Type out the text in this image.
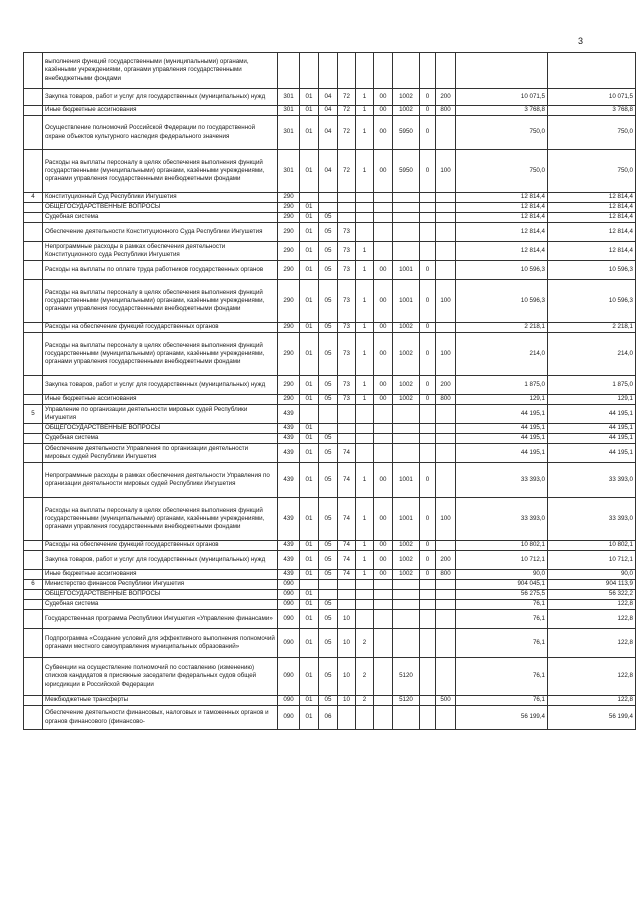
3
	выполнения функций государственными (муниципальными) органами, казёнными учреждениями, органами управления государственными внебюджетными фондами											
	Закупка товаров, работ и услуг для государственных (муниципальных) нужд	301	01	04	72	1	00	1002	0	200	10 071,5	10 071,5
	Иные бюджетные ассигнования	301	01	04	72	1	00	1002	0	800	3 768,8	3 768,8
	Осуществление полномочий Российской Федерации по государственной охране объектов культурного наследия федерального значения	301	01	04	72	1	00	5950	0		750,0	750,0
	Расходы на выплаты персоналу в целях обеспечения выполнения функций государственными (муниципальными) органами, казёнными учреждениями, органами управления государственными внебюджетными фондами	301	01	04	72	1	00	5950	0	100	750,0	750,0
4	Конституционный Суд Республики Ингушетия	290									12 814,4	12 814,4
	ОБЩЕГОСУДАРСТВЕННЫЕ ВОПРОСЫ	290	01								12 814,4	12 814,4
	Судебная система	290	01	05							12 814,4	12 814,4
	Обеспечение деятельности Конституционного Суда Республики Ингушетия	290	01	05	73						12 814,4	12 814,4
	Непрограммные расходы в рамках обеспечения деятельности Конституционного суда Республики Ингушетия	290	01	05	73	1					12 814,4	12 814,4
	Расходы на выплаты по оплате труда работников государственных органов	290	01	05	73	1	00	1001	0		10 596,3	10 596,3
	Расходы на выплаты персоналу в целях обеспечения выполнения функций государственными (муниципальными) органами, казёнными учреждениями, органами управления государственными внебюджетными фондами	290	01	05	73	1	00	1001	0	100	10 596,3	10 596,3
	Расходы на обеспечение функций государственных органов	290	01	05	73	1	00	1002	0		2 218,1	2 218,1
	Расходы на выплаты персоналу в целях обеспечения выполнения функций государственными (муниципальными) органами, казёнными учреждениями, органами управления государственными внебюджетными фондами	290	01	05	73	1	00	1002	0	100	214,0	214,0
	Закупка товаров, работ и услуг для государственных (муниципальных) нужд	290	01	05	73	1	00	1002	0	200	1 875,0	1 875,0
	Иные бюджетные ассигнования	290	01	05	73	1	00	1002	0	800	129,1	129,1
5	Управление по организации деятельности мировых судей Республики Ингушетия	439									44 195,1	44 195,1
	ОБЩЕГОСУДАРСТВЕННЫЕ ВОПРОСЫ	439	01								44 195,1	44 195,1
	Судебная система	439	01	05							44 195,1	44 195,1
	Обеспечение деятельности Управления по организации деятельности мировых судей Республики Ингушетия	439	01	05	74						44 195,1	44 195,1
	Непрограммные расходы в рамках обеспечения деятельности Управления по организации деятельности мировых судей Республики Ингушетия	439	01	05	74	1	00	1001	0		33 393,0	33 393,0
	Расходы на выплаты персоналу в целях обеспечения выполнения функций государственными (муниципальными) органами, казёнными учреждениями, органами управления государственными внебюджетными фондами	439	01	05	74	1	00	1001	0	100	33 393,0	33 393,0
	Расходы на обеспечение функций государственных органов	439	01	05	74	1	00	1002	0		10 802,1	10 802,1
	Закупка товаров, работ и услуг для государственных (муниципальных) нужд	439	01	05	74	1	00	1002	0	200	10 712,1	10 712,1
	Иные бюджетные ассигнования	439	01	05	74	1	00	1002	0	800	90,0	90,0
6	Министерство финансов Республики Ингушетия	090									904 045,1	904 113,9
	ОБЩЕГОСУДАРСТВЕННЫЕ ВОПРОСЫ	090	01								56 275,5	56 322,2
	Судебная система	090	01	05							76,1	122,8
	Государственная программа Республики Ингушетия «Управление финансами»	090	01	05	10						76,1	122,8
	Подпрограмма «Создание условий для эффективного выполнения полномочий органами местного самоуправления муниципальных образований»	090	01	05	10	2					76,1	122,8
	Субвенции на осуществление полномочий по составлению (изменению) списков кандидатов в присяжные заседатели федеральных судов общей юрисдикции в Российской Федерации	090	01	05	10	2		5120			76,1	122,8
	Межбюджетные трансферты	090	01	05	10	2		5120		500	76,1	122,8
	Обеспечение деятельности финансовых, налоговых и таможенных органов и органов финансового (финансово-	090	01	06							56 199,4	56 199,4
